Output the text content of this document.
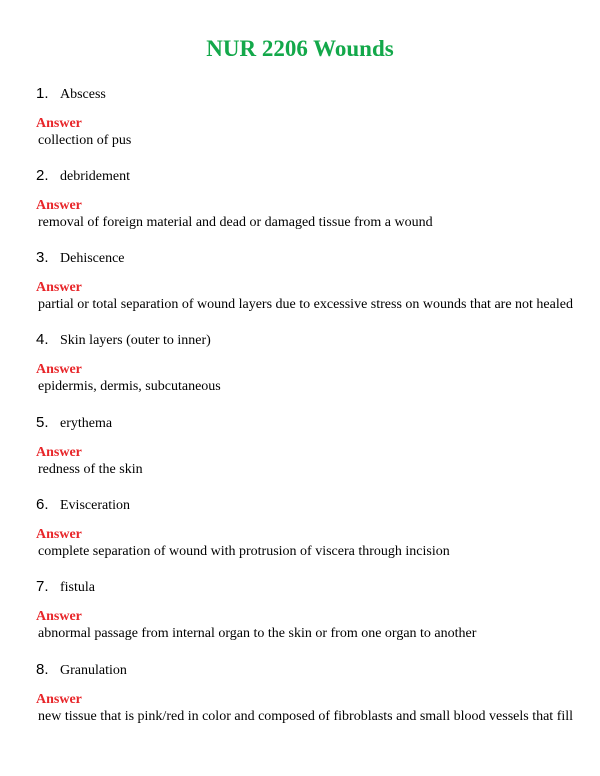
NUR 2206 Wounds
1. Abscess
Answer
collection of pus
2. debridement
Answer
removal of foreign material and dead or damaged tissue from a wound
3. Dehiscence
Answer
partial or total separation of wound layers due to excessive stress on wounds that are not healed
4. Skin layers (outer to inner)
Answer
epidermis, dermis, subcutaneous
5. erythema
Answer
redness of the skin
6. Evisceration
Answer
complete separation of wound with protrusion of viscera through incision
7. fistula
Answer
abnormal passage from internal organ to the skin or from one organ to another
8. Granulation
Answer
new tissue that is pink/red in color and composed of fibroblasts and small blood vessels that fill
